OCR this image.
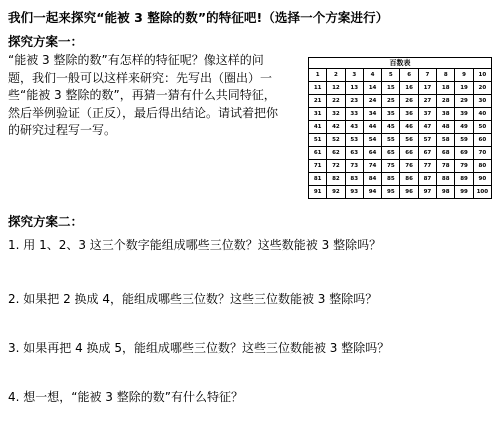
我们一起来探究“能被 3 整除的数”的特征吧!（选择一个方案进行）
探究方案一：
“能被 3 整除的数”有怎样的特征呢？像这样的问
题，我们一般可以这样来研究：先写出（圈出）一
些“能被 3 整除的数”，再猜一猜有什么共同特征，
然后举例验证（正反），最后得出结论。请试着把你
的研究过程写一写。
百数表
1	2	3	4	5	6	7	8	9	10
11	12	13	14	15	16	17	18	19	20
21	22	23	24	25	26	27	28	29	30
31	32	33	34	35	36	37	38	39	40
41	42	43	44	45	46	47	48	49	50
51	52	53	54	55	56	57	58	59	60
61	62	63	64	65	66	67	68	69	70
71	72	73	74	75	76	77	78	79	80
81	82	83	84	85	86	87	88	89	90
91	92	93	94	95	96	97	98	99	100
探究方案二：
1. 用 1、2、3 这三个数字能组成哪些三位数？这些数能被 3 整除吗？
2. 如果把 2 换成 4，能组成哪些三位数？这些三位数能被 3 整除吗？
3. 如果再把 4 换成 5，能组成哪些三位数？这些三位数能被 3 整除吗？
4. 想一想，“能被 3 整除的数”有什么特征？
